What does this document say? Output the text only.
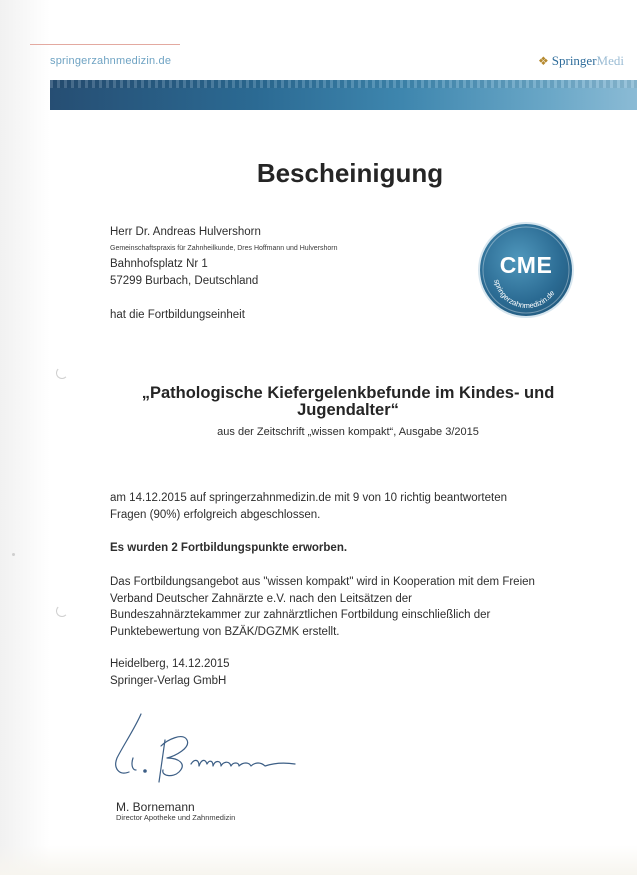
springerzahnmedizin.de	❖ SpringerMedi
Bescheinigung
Herr Dr. Andreas Hulvershorn
Gemeinschaftspraxis für Zahnheilkunde, Dres Hoffmann und Hulvershorn
Bahnhofsplatz Nr 1
57299 Burbach, Deutschland
hat die Fortbildungseinheit
springerzahnmedizin.de
CME
„Pathologische Kiefergelenkbefunde im Kindes- und
Jugendalter“
aus der Zeitschrift „wissen kompakt“, Ausgabe 3/2015
am 14.12.2015 auf springerzahnmedizin.de mit 9 von 10 richtig beantworteten
Fragen (90%) erfolgreich abgeschlossen.
Es wurden 2 Fortbildungspunkte erworben.
Das Fortbildungsangebot aus "wissen kompakt" wird in Kooperation mit dem Freien
Verband Deutscher Zahnärzte e.V. nach den Leitsätzen der
Bundeszahnärztekammer zur zahnärztlichen Fortbildung einschließlich der
Punktebewertung von BZÄK/DGZMK erstellt.
Heidelberg, 14.12.2015
Springer-Verlag GmbH
M. Bornemann
Director Apotheke und Zahnmedizin
